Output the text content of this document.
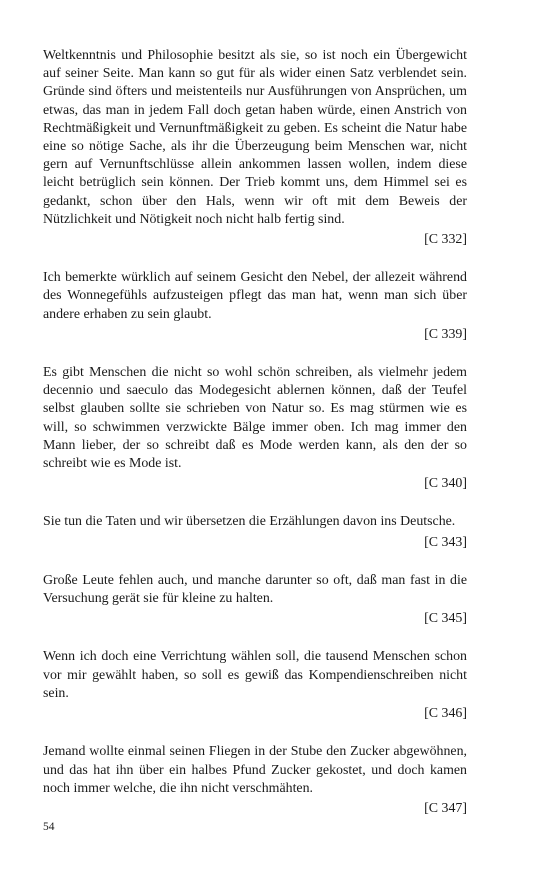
Weltkenntnis und Philosophie besitzt als sie, so ist noch ein Übergewicht auf seiner Seite. Man kann so gut für als wider einen Satz verblendet sein. Gründe sind öfters und meistenteils nur Ausführungen von Ansprüchen, um etwas, das man in jedem Fall doch getan haben würde, einen Anstrich von Rechtmäßigkeit und Vernunftmäßigkeit zu geben. Es scheint die Natur habe eine so nötige Sache, als ihr die Überzeugung beim Menschen war, nicht gern auf Vernunftschlüsse allein ankommen lassen wollen, indem diese leicht betrüglich sein können. Der Trieb kommt uns, dem Himmel sei es gedankt, schon über den Hals, wenn wir oft mit dem Beweis der Nützlichkeit und Nötigkeit noch nicht halb fertig sind.

[C 332]

Ich bemerkte würklich auf seinem Gesicht den Nebel, der allezeit während des Wonnegefühls aufzusteigen pflegt das man hat, wenn man sich über andere erhaben zu sein glaubt.

[C 339]

Es gibt Menschen die nicht so wohl schön schreiben, als vielmehr jedem decennio und saeculo das Modegesicht ablernen können, daß der Teufel selbst glauben sollte sie schrieben von Natur so. Es mag stürmen wie es will, so schwimmen verzwickte Bälge immer oben. Ich mag immer den Mann lieber, der so schreibt daß es Mode werden kann, als den der so schreibt wie es Mode ist.

[C 340]

Sie tun die Taten und wir übersetzen die Erzählungen davon ins Deutsche.

[C 343]

Große Leute fehlen auch, und manche darunter so oft, daß man fast in die Versuchung gerät sie für kleine zu halten.

[C 345]

Wenn ich doch eine Verrichtung wählen soll, die tausend Menschen schon vor mir gewählt haben, so soll es gewiß das Kompendienschreiben nicht sein.

[C 346]

Jemand wollte einmal seinen Fliegen in der Stube den Zucker abgewöhnen, und das hat ihn über ein halbes Pfund Zucker gekostet, und doch kamen noch immer welche, die ihn nicht verschmähten.

[C 347]

54
